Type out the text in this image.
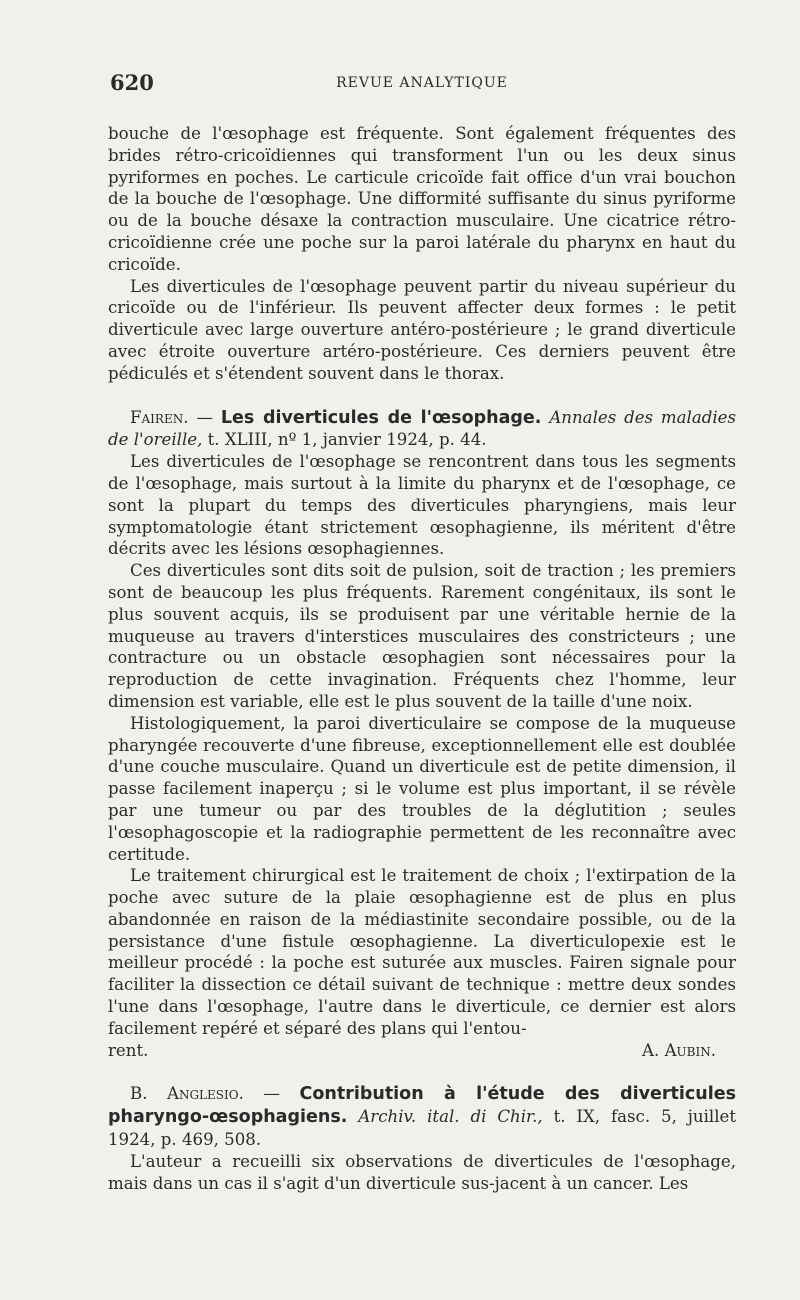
620	REVUE ANALYTIQUE

bouche de l'œsophage est fréquente. Sont également fréquentes des brides rétro-cricoïdiennes qui transforment l'un ou les deux sinus pyriformes en poches. Le carticule cricoïde fait office d'un vrai bouchon de la bouche de l'œsophage. Une difformité suffisante du sinus pyriforme ou de la bouche désaxe la contraction musculaire. Une cicatrice rétro-cricoïdienne crée une poche sur la paroi latérale du pharynx en haut du cricoïde.

Les diverticules de l'œsophage peuvent partir du niveau supérieur du cricoïde ou de l'inférieur. Ils peuvent affecter deux formes : le petit diverticule avec large ouverture antéro-postérieure ; le grand diverticule avec étroite ouverture artéro-postérieure. Ces derniers peuvent être pédiculés et s'étendent souvent dans le thorax.

Fairen. — Les diverticules de l'œsophage. Annales des maladies de l'oreille, t. XLIII, nº 1, janvier 1924, p. 44.

Les diverticules de l'œsophage se rencontrent dans tous les segments de l'œsophage, mais surtout à la limite du pharynx et de l'œsophage, ce sont la plupart du temps des diverticules pharyngiens, mais leur symptomatologie étant strictement œsophagienne, ils méritent d'être décrits avec les lésions œsophagiennes.

Ces diverticules sont dits soit de pulsion, soit de traction ; les premiers sont de beaucoup les plus fréquents. Rarement congénitaux, ils sont le plus souvent acquis, ils se produisent par une véritable hernie de la muqueuse au travers d'interstices musculaires des constricteurs ; une contracture ou un obstacle œsophagien sont nécessaires pour la reproduction de cette invagination. Fréquents chez l'homme, leur dimension est variable, elle est le plus souvent de la taille d'une noix.

Histologiquement, la paroi diverticulaire se compose de la muqueuse pharyngée recouverte d'une fibreuse, exceptionnellement elle est doublée d'une couche musculaire. Quand un diverticule est de petite dimension, il passe facilement inaperçu ; si le volume est plus important, il se révèle par une tumeur ou par des troubles de la déglutition ; seules l'œsophagoscopie et la radiographie permettent de les reconnaître avec certitude.

Le traitement chirurgical est le traitement de choix ; l'extirpation de la poche avec suture de la plaie œsophagienne est de plus en plus abandonnée en raison de la médiastinite secondaire possible, ou de la persistance d'une fistule œsophagienne. La diverticulopexie est le meilleur procédé : la poche est suturée aux muscles. Fairen signale pour faciliter la dissection ce détail suivant de technique : mettre deux sondes l'une dans l'œsophage, l'autre dans le diverticule, ce dernier est alors facilement repéré et séparé des plans qui l'entou-

rent.	A. Aubin.

B. Anglesio. — Contribution à l'étude des diverticules pharyngo-œsophagiens. Archiv. ital. di Chir., t. IX, fasc. 5, juillet 1924, p. 469, 508.

L'auteur a recueilli six observations de diverticules de l'œsophage, mais dans un cas il s'agit d'un diverticule sus-jacent à un cancer. Les
